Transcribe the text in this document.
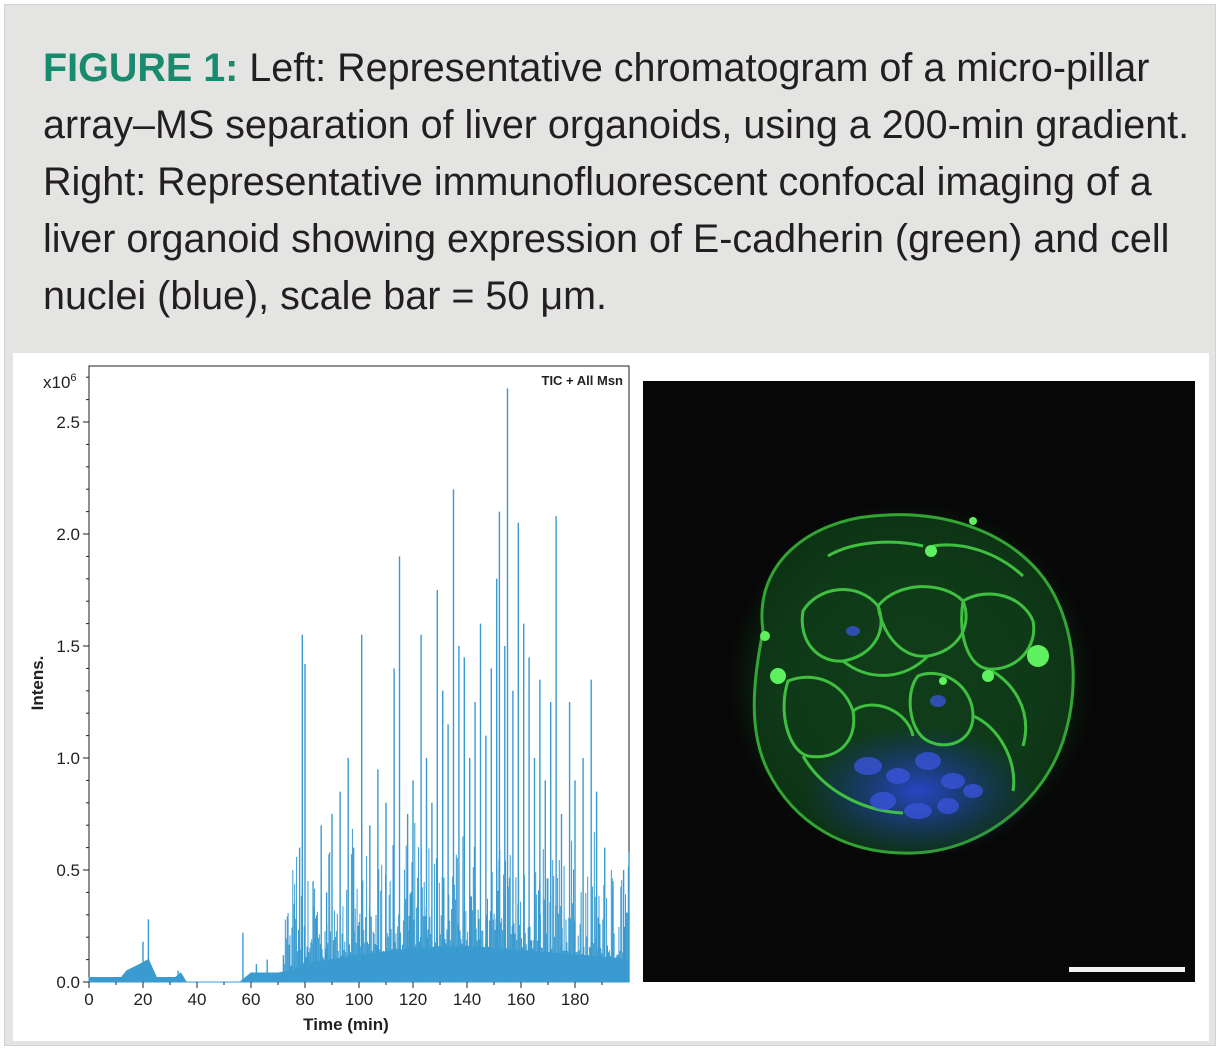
FIGURE 1: Left: Representative chromatogram of a micro-pillar array–MS separation of liver organoids, using a 200-min gradient. Right: Representative immunofluorescent confocal imaging of a liver organoid showing expression of E-cadherin (green) and cell nuclei (blue), scale bar = 50 μm.
TIC + All Msn
$x10^6$
Intens.
Time (min)
0.0
0.5
1.0
1.5
2.0
2.5
0 20 40 60 80 100 120 140 160 180
